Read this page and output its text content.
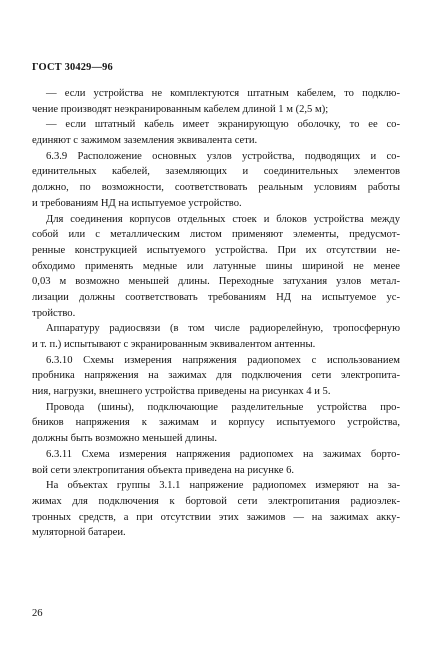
ГОСТ 30429—96
— если устройства не комплектуются штатным кабелем, то подклю-
чение производят неэкранированным кабелем длиной 1 м (2,5 м);
— если штатный кабель имеет экранирующую оболочку, то ее со-
единяют с зажимом заземления эквивалента сети.
6.3.9 Расположение основных узлов устройства, подводящих и со-
единительных кабелей, заземляющих и соединительных элементов
должно, по возможности, соответствовать реальным условиям работы
и требованиям НД на испытуемое устройство.
Для соединения корпусов отдельных стоек и блоков устройства между
собой или с металлическим листом применяют элементы, предусмот-
ренные конструкцией испытуемого устройства. При их отсутствии не-
обходимо применять медные или латунные шины шириной не менее
0,03 м возможно меньшей длины. Переходные затухания узлов метал-
лизации должны соответствовать требованиям НД на испытуемое ус-
тройство.
Аппаратуру радиосвязи (в том числе радиорелейную, тропосферную
и т. п.) испытывают с экранированным эквивалентом антенны.
6.3.10 Схемы измерения напряжения радиопомех с использованием
пробника напряжения на зажимах для подключения сети электропита-
ния, нагрузки, внешнего устройства приведены на рисунках 4 и 5.
Провода (шины), подключающие разделительные устройства про-
бников напряжения к зажимам и корпусу испытуемого устройства,
должны быть возможно меньшей длины.
6.3.11 Схема измерения напряжения радиопомех на зажимах борто-
вой сети электропитания объекта приведена на рисунке 6.
На объектах группы 3.1.1 напряжение радиопомех измеряют на за-
жимах для подключения к бортовой сети электропитания радиоэлек-
тронных средств, а при отсутствии этих зажимов — на зажимах акку-
муляторной батареи.
26
